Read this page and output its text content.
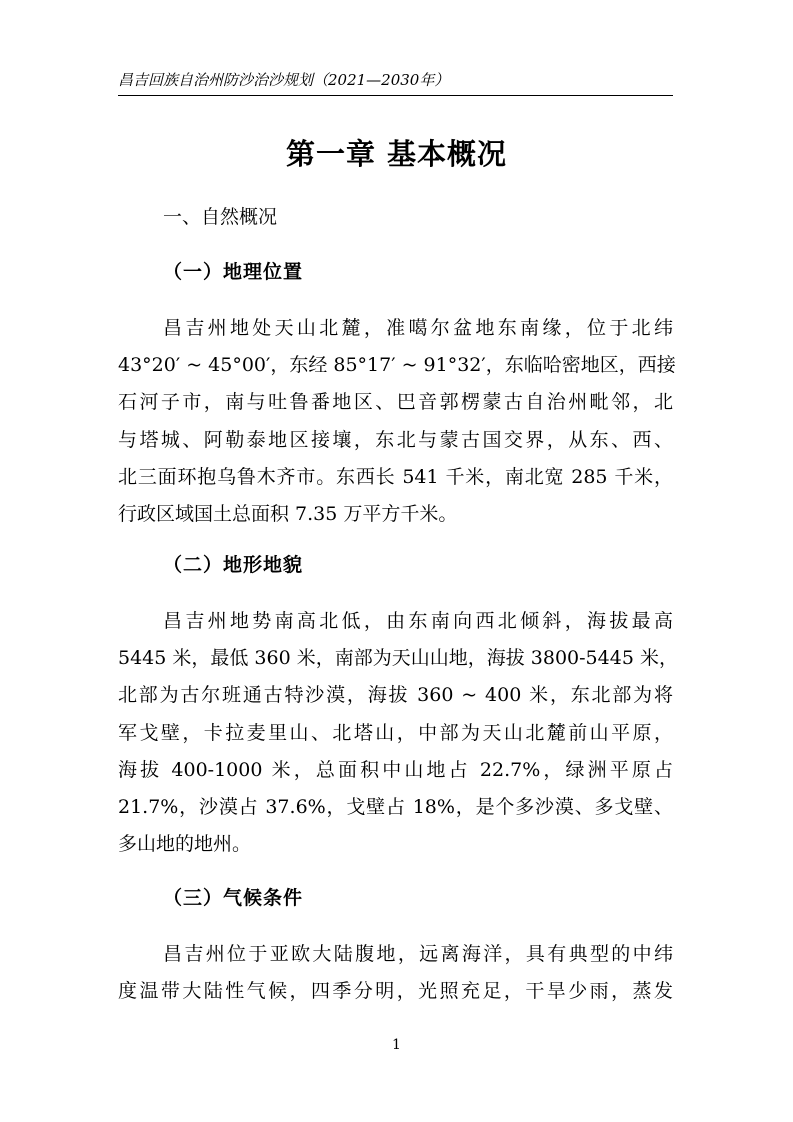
昌吉回族自治州防沙治沙规划（2021—2030年）
第一章 基本概况
一、自然概况
（一）地理位置
昌吉州地处天山北麓，准噶尔盆地东南缘，位于北纬
43°20′ ~ 45°00′，东经 85°17′ ~ 91°32′，东临哈密地区，西接
石河子市，南与吐鲁番地区、巴音郭楞蒙古自治州毗邻，北
与塔城、阿勒泰地区接壤，东北与蒙古国交界，从东、西、
北三面环抱乌鲁木齐市。东西长 541 千米，南北宽 285 千米，
行政区域国土总面积 7.35 万平方千米。
（二）地形地貌
昌吉州地势南高北低，由东南向西北倾斜，海拔最高
5445 米，最低 360 米，南部为天山山地，海拔 3800-5445 米，
北部为古尔班通古特沙漠，海拔 360 ~ 400 米，东北部为将
军戈壁，卡拉麦里山、北塔山，中部为天山北麓前山平原，
海拔 400-1000 米，总面积中山地占 22.7%，绿洲平原占
21.7%，沙漠占 37.6%，戈壁占 18%，是个多沙漠、多戈壁、
多山地的地州。
（三）气候条件
昌吉州位于亚欧大陆腹地，远离海洋，具有典型的中纬
度温带大陆性气候，四季分明，光照充足，干旱少雨，蒸发
1
